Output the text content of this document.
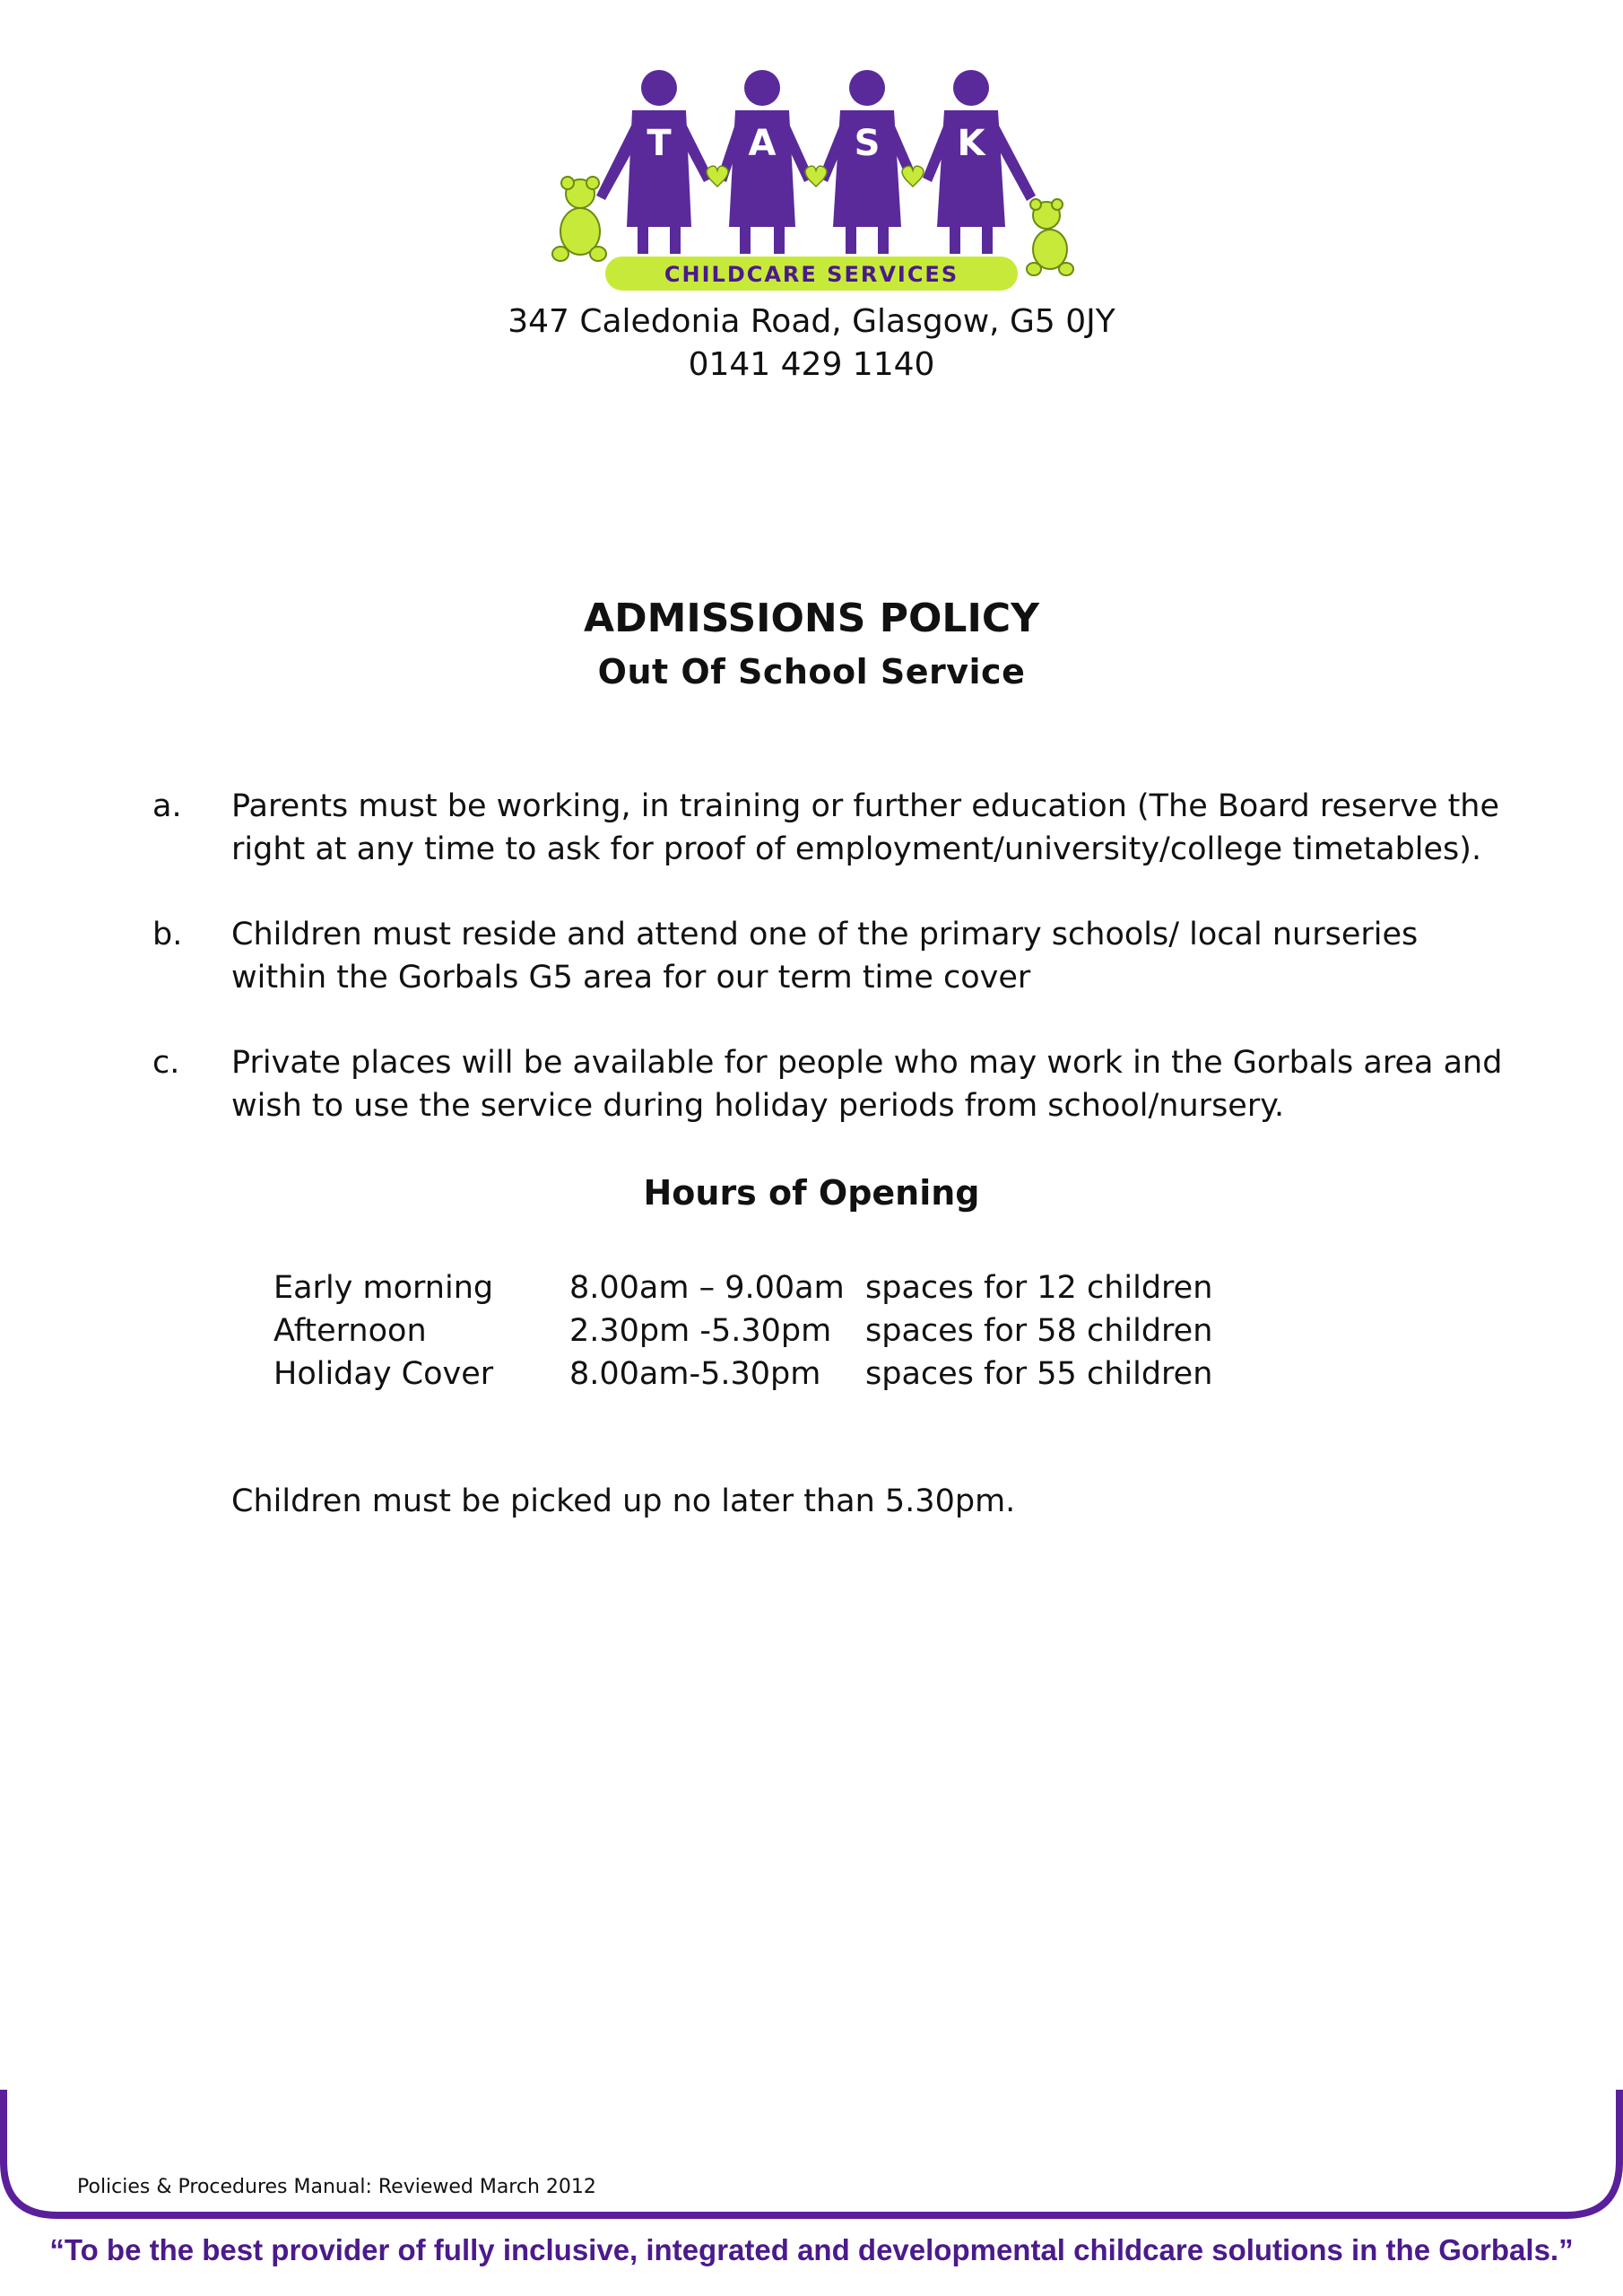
T A S K
CHILDCARE SERVICES
347 Caledonia Road, Glasgow, G5 0JY
0141 429 1140
ADMISSIONS POLICY
Out Of School Service
a.	Parents must be working, in training or further education (The Board reserve the right at any time to ask for proof of employment/university/college timetables).
b.	Children must reside and attend one of the primary schools/ local nurseries within the Gorbals G5 area for our term time cover
c.	Private places will be available for people who may work in the Gorbals area and wish to use the service during holiday periods from school/nursery.
Hours of Opening
Early morning	8.00am – 9.00am spaces for 12 children
Afternoon	2.30pm -5.30pm	spaces for 58 children
Holiday Cover	8.00am-5.30pm	spaces for 55 children
Children must be picked up no later than 5.30pm.
Policies & Procedures Manual: Reviewed March 2012
“To be the best provider of fully inclusive, integrated and developmental childcare solutions in the Gorbals.”
